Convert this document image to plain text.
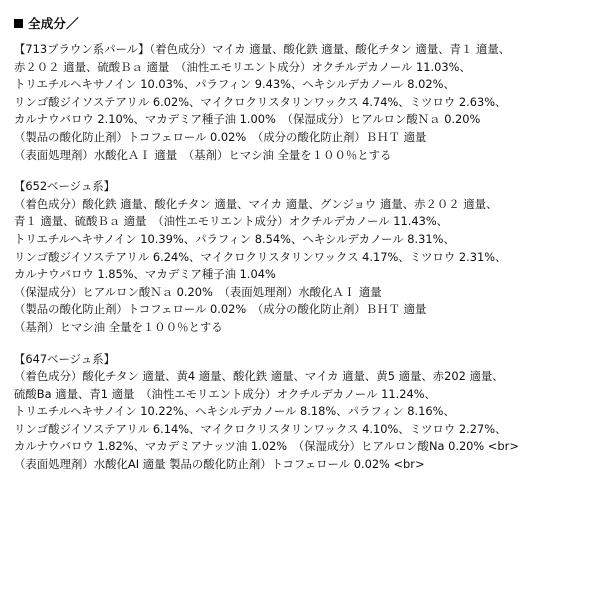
全成分／
【713ブラウン系パール】（着色成分）マイカ 適量、酸化鉄 適量、酸化チタン 適量、青１ 適量、
赤２０２ 適量、硫酸Ｂａ 適量　（油性エモリエント成分）オクチルデカノール 11.03%、
トリエチルヘキサノイン 10.03%、パラフィン 9.43%、ヘキシルデカノール 8.02%、
リンゴ酸ジイソステアリル 6.02%、マイクロクリスタリンワックス 4.74%、ミツロウ 2.63%、
カルナウバロウ 2.10%、マカデミア種子油 1.00%　（保湿成分）ヒアルロン酸Ｎａ 0.20%
（製品の酸化防止剤）トコフェロール 0.02%　（成分の酸化防止剤）ＢＨＴ 適量
（表面処理剤）水酸化ＡＩ 適量　（基剤）ヒマシ油 全量を１００％とする
【652ベージュ系】
（着色成分）酸化鉄 適量、酸化チタン 適量、マイカ 適量、グンジョウ 適量、赤２０２ 適量、
青１ 適量、硫酸Ｂａ 適量　（油性エモリエント成分）オクチルデカノール 11.43%、
トリエチルヘキサノイン 10.39%、パラフィン 8.54%、ヘキシルデカノール 8.31%、
リンゴ酸ジイソステアリル 6.24%、マイクロクリスタリンワックス 4.17%、ミツロウ 2.31%、
カルナウバロウ 1.85%、マカデミア種子油 1.04%
（保湿成分）ヒアルロン酸Ｎａ 0.20%　（表面処理剤）水酸化ＡＩ 適量
（製品の酸化防止剤）トコフェロール 0.02%　（成分の酸化防止剤）ＢＨＴ 適量
（基剤）ヒマシ油 全量を１００％とする
【647ベージュ系】
（着色成分）酸化チタン 適量、黄4 適量、酸化鉄 適量、マイカ 適量、黄5 適量、赤202 適量、
硫酸Ba 適量、青1 適量　（油性エモリエント成分）オクチルデカノール 11.24%、
トリエチルヘキサノイン 10.22%、ヘキシルデカノール 8.18%、パラフィン 8.16%、
リンゴ酸ジイソステアリル 6.14%、マイクロクリスタリンワックス 4.10%、ミツロウ 2.27%、
カルナウバロウ 1.82%、マカデミアナッツ油 1.02%　（保湿成分）ヒアルロン酸Na 0.20% <br>
（表面処理剤）水酸化AI 適量 製品の酸化防止剤）トコフェロール 0.02% <br>
